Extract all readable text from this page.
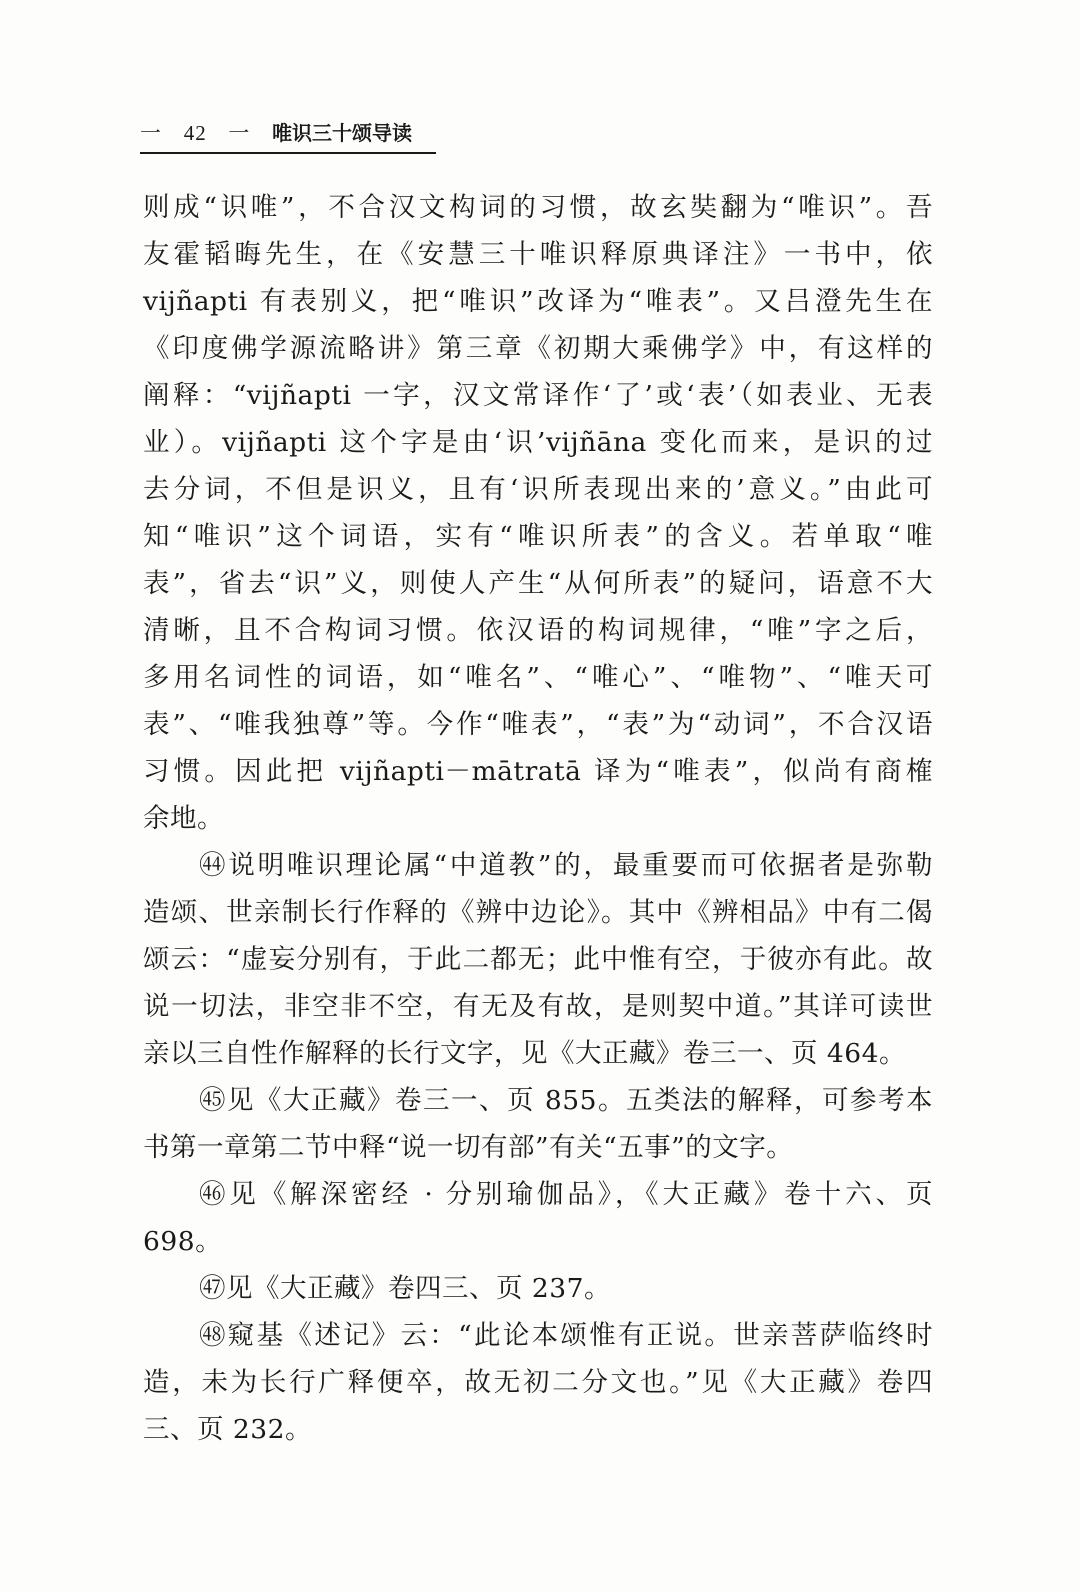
一 42 一 唯识三十颂导读
则成“识唯”，不合汉文构词的习惯，故玄奘翻为“唯识”。吾
友霍韬晦先生，在《安慧三十唯识释原典译注》一书中，依
vijñapti 有表别义，把“唯识”改译为“唯表”。又吕澄先生在
《印度佛学源流略讲》第三章《初期大乘佛学》中，有这样的
阐释：“vijñapti 一字，汉文常译作‘了’或‘表’（如表业、无表
业）。vijñapti 这个字是由‘识’vijñāna 变化而来，是识的过
去分词，不但是识义，且有‘识所表现出来的’意义。”由此可
知“唯识”这个词语，实有“唯识所表”的含义。若单取“唯
表”，省去“识”义，则使人产生“从何所表”的疑问，语意不大
清晰，且不合构词习惯。依汉语的构词规律，“唯”字之后，
多用名词性的词语，如“唯名”、“唯心”、“唯物”、“唯天可
表”、“唯我独尊”等。今作“唯表”，“表”为“动词”，不合汉语
习惯。因此把 vijñapti－mātratā 译为“唯表”，似尚有商榷
余地。
㊹说明唯识理论属“中道教”的，最重要而可依据者是弥勒
造颂、世亲制长行作释的《辨中边论》。其中《辨相品》中有二偈
颂云：“虚妄分别有，于此二都无；此中惟有空，于彼亦有此。故
说一切法，非空非不空，有无及有故，是则契中道。”其详可读世
亲以三自性作解释的长行文字，见《大正藏》卷三一、页 464。
㊺见《大正藏》卷三一、页 855。五类法的解释，可参考本
书第一章第二节中释“说一切有部”有关“五事”的文字。
㊻见《解深密经 · 分别瑜伽品》，《大正藏》卷十六、页
698。
㊼见《大正藏》卷四三、页 237。
㊽窥基《述记》云：“此论本颂惟有正说。世亲菩萨临终时
造，未为长行广释便卒，故无初二分文也。”见《大正藏》卷四
三、页 232。
